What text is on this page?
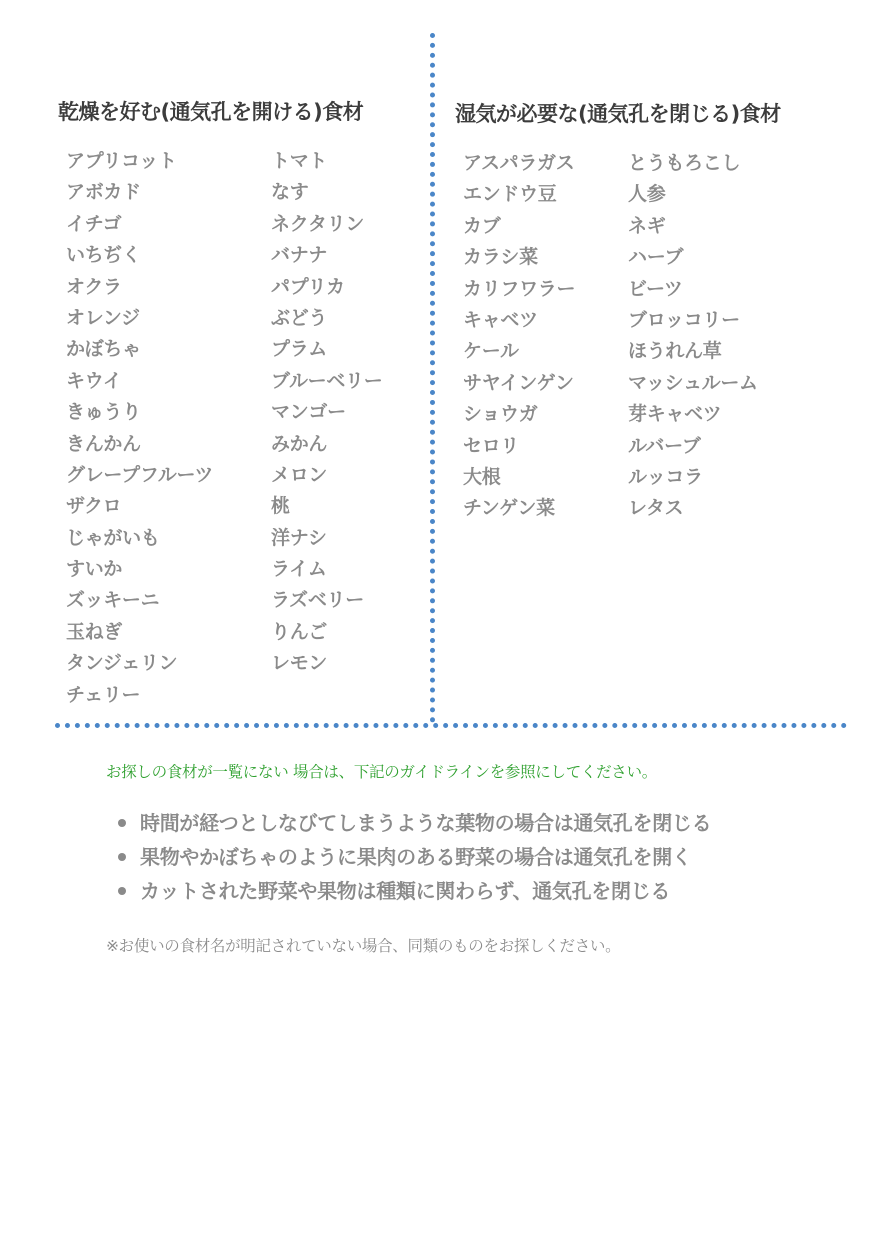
乾燥を好む(通気孔を開ける)食材	湿気が必要な(通気孔を閉じる)食材
アプリコット
アボカド
イチゴ
いちぢく
オクラ
オレンジ
かぼちゃ
キウイ
きゅうり
きんかん
グレープフルーツ
ザクロ
じゃがいも
すいか
ズッキーニ
玉ねぎ
タンジェリン
チェリー
トマト
なす
ネクタリン
バナナ
パプリカ
ぶどう
プラム
ブルーベリー
マンゴー
みかん
メロン
桃
洋ナシ
ライム
ラズベリー
りんご
レモン
アスパラガス
エンドウ豆
カブ
カラシ菜
カリフワラー
キャベツ
ケール
サヤインゲン
ショウガ
セロリ
大根
チンゲン菜
とうもろこし
人参
ネギ
ハーブ
ビーツ
ブロッコリー
ほうれん草
マッシュルーム
芽キャベツ
ルバーブ
ルッコラ
レタス
お探しの食材が一覧にない 場合は、下記のガイドラインを参照にしてください。
時間が経つとしなびてしまうような葉物の場合は通気孔を閉じる
果物やかぼちゃのように果肉のある野菜の場合は通気孔を開く
カットされた野菜や果物は種類に関わらず、通気孔を閉じる
※お使いの食材名が明記されていない場合、同類のものをお探しください。
